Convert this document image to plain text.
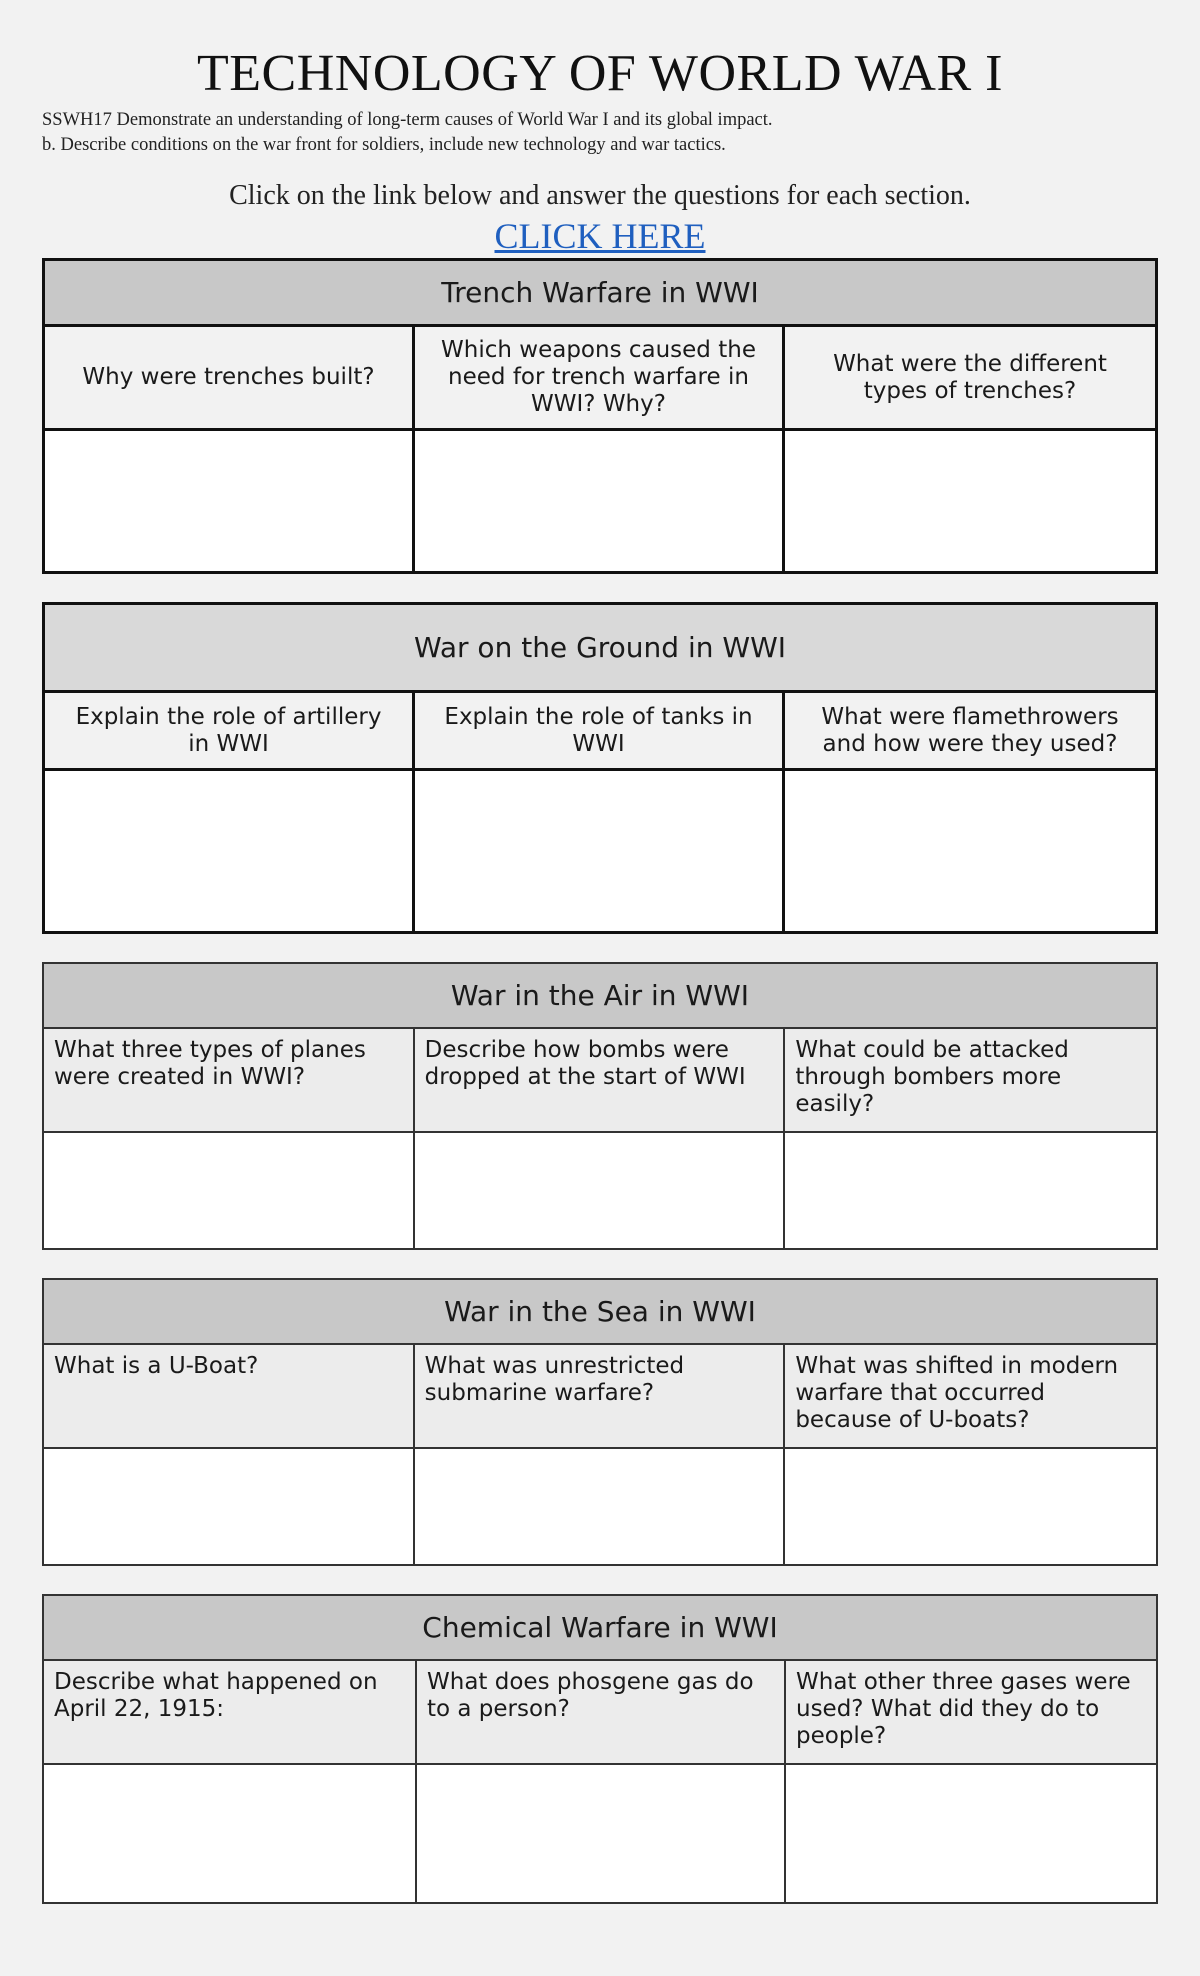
TECHNOLOGY OF WORLD WAR I
SSWH17 Demonstrate an understanding of long-term causes of World War I and its global impact.
b. Describe conditions on the war front for soldiers, include new technology and war tactics.
Click on the link below and answer the questions for each section.
CLICK HERE
Trench Warfare in WWI
Why were trenches built?
Which weapons caused the need for trench warfare in WWI? Why?
What were the different types of trenches?
War on the Ground in WWI
Explain the role of artillery in WWI
Explain the role of tanks in WWI
What were flamethrowers and how were they used?
War in the Air in WWI
What three types of planes were created in WWI?
Describe how bombs were dropped at the start of WWI
What could be attacked through bombers more easily?
War in the Sea in WWI
What is a U-Boat?	What was unrestricted submarine warfare?
What was shifted in modern warfare that occurred because of U-boats?
Chemical Warfare in WWI
Describe what happened on April 22, 1915:
What does phosgene gas do to a person?
What other three gases were used? What did they do to people?
